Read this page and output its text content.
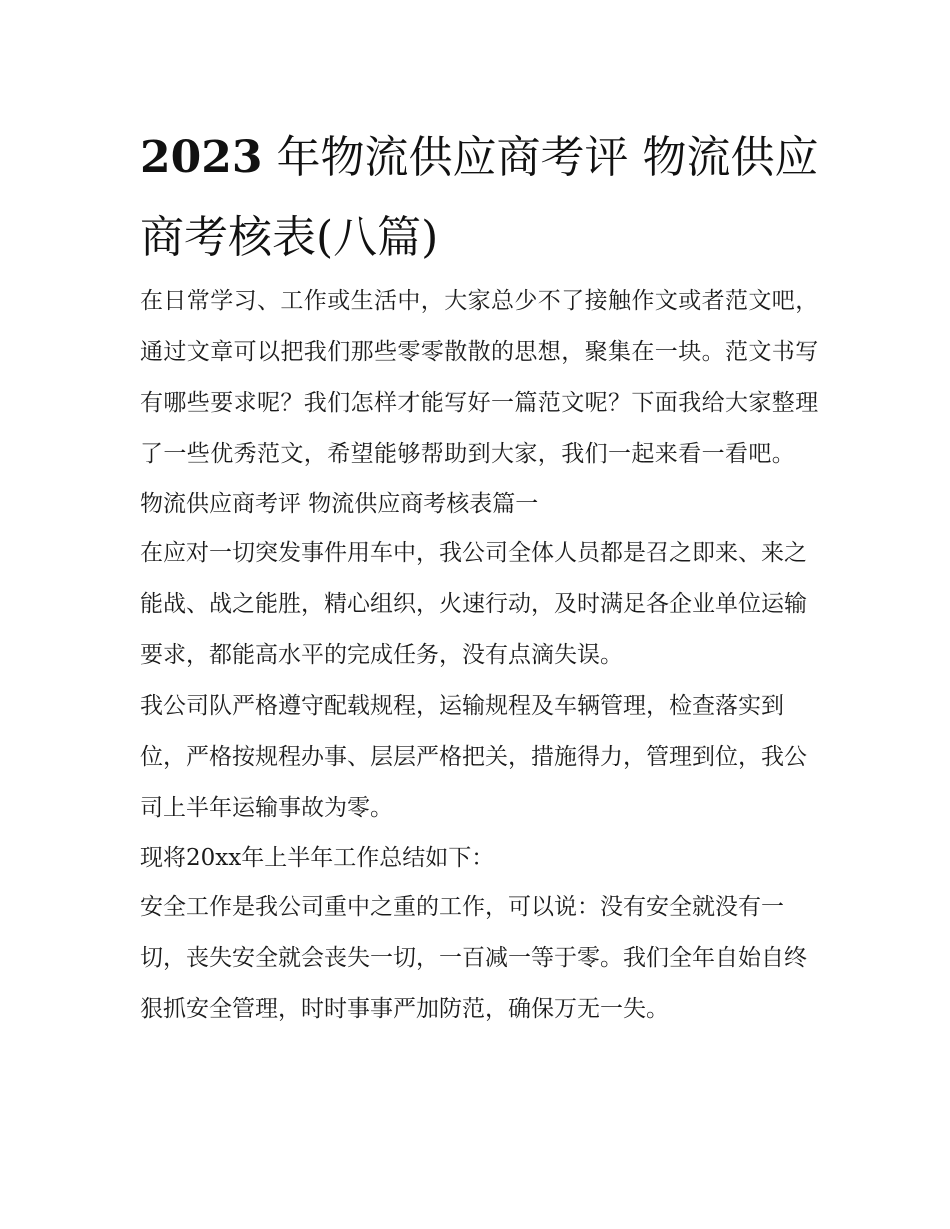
2023 年物流供应商考评 物流供应商考核表(八篇)

在日常学习、工作或生活中，大家总少不了接触作文或者范文吧，通过文章可以把我们那些零零散散的思想，聚集在一块。范文书写有哪些要求呢？我们怎样才能写好一篇范文呢？下面我给大家整理了一些优秀范文，希望能够帮助到大家，我们一起来看一看吧。

物流供应商考评 物流供应商考核表篇一

在应对一切突发事件用车中，我公司全体人员都是召之即来、来之能战、战之能胜，精心组织，火速行动，及时满足各企业单位运输要求，都能高水平的完成任务，没有点滴失误。

我公司队严格遵守配载规程，运输规程及车辆管理，检查落实到位，严格按规程办事、层层严格把关，措施得力，管理到位，我公司上半年运输事故为零。

现将20xx年上半年工作总结如下：

安全工作是我公司重中之重的工作，可以说：没有安全就没有一切，丧失安全就会丧失一切，一百减一等于零。我们全年自始自终狠抓安全管理，时时事事严加防范，确保万无一失。
